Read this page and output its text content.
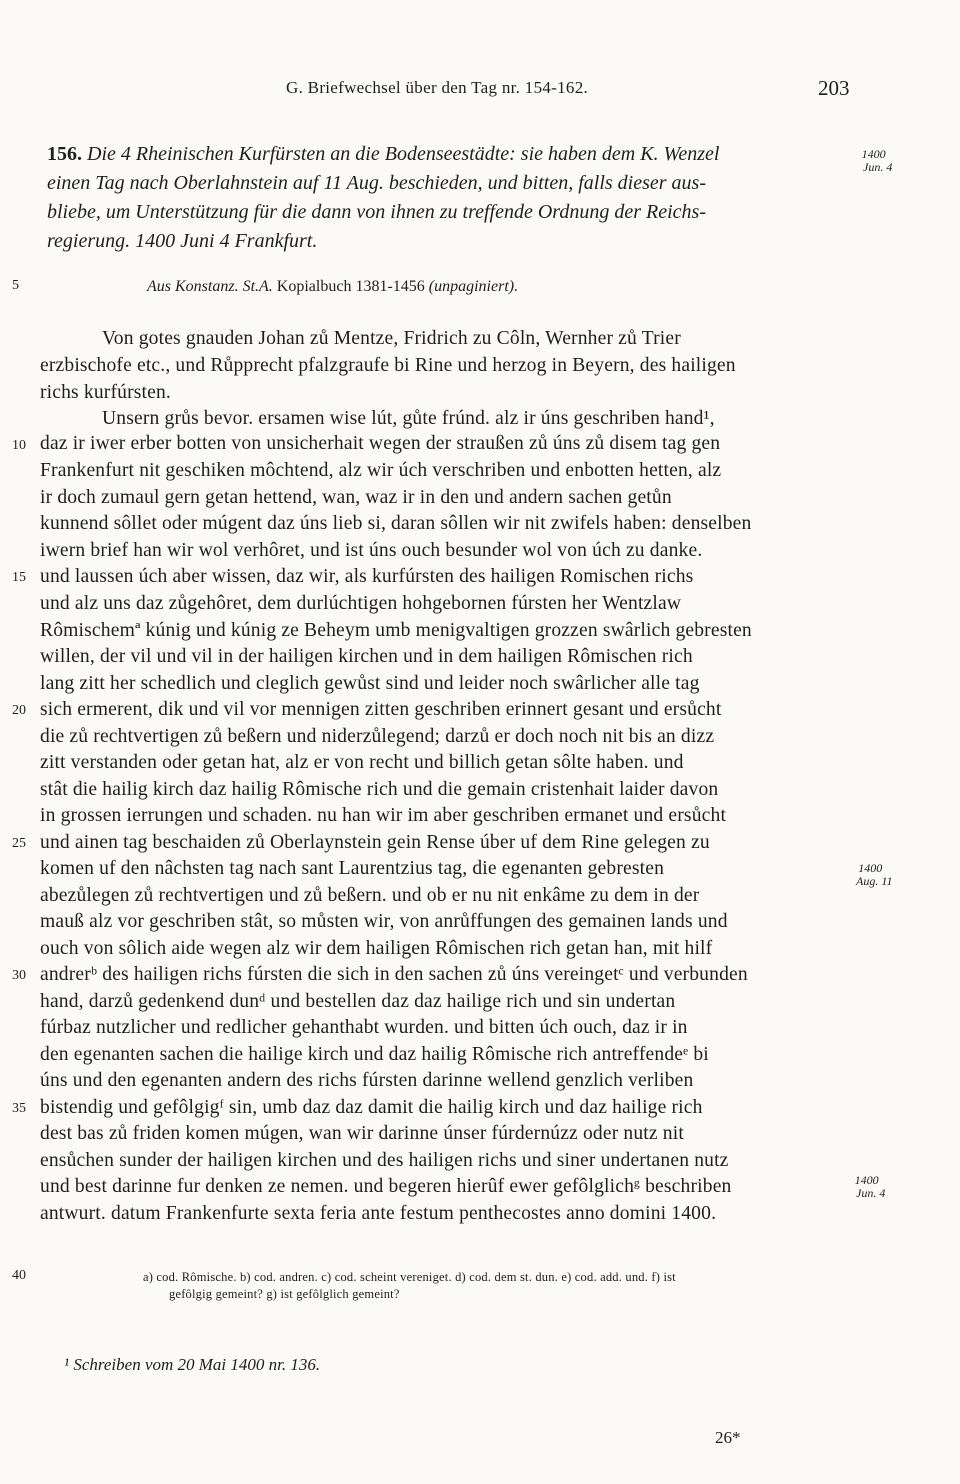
G. Briefwechsel über den Tag nr. 154-162.	203
156. Die 4 Rheinischen Kurfürsten an die Bodenseestädte: sie haben dem K. Wenzel
einen Tag nach Oberlahnstein auf 11 Aug. beschieden, und bitten, falls dieser aus-
bliebe, um Unterstützung für die dann von ihnen zu treffende Ordnung der Reichs-
regierung. 1400 Juni 4 Frankfurt.
5	Aus Konstanz. St.A. Kopialbuch 1381-1456 (unpaginiert).
Von gotes gnauden Johan zů Mentze, Fridrich zu Côln, Wernher zů Trier
erzbischofe etc., und Růpprecht pfalzgraufe bi Rine und herzog in Beyern, des hailigen
richs kurfúrsten.
Unsern grůs bevor. ersamen wise lút, gůte frúnd. alz ir úns geschriben hand¹,
10 daz ir iwer erber botten von unsicherhait wegen der straußen zů úns zů disem tag gen
Frankenfurt nit geschiken môchtend, alz wir úch verschriben und enbotten hetten, alz
ir doch zumaul gern getan hettend, wan, waz ir in den und andern sachen getůn
kunnend sôllet oder múgent daz úns lieb si, daran sôllen wir nit zwifels haben: denselben
iwern brief han wir wol verhôret, und ist úns ouch besunder wol von úch zu danke.
15 und laussen úch aber wissen, daz wir, als kurfúrsten des hailigen Romischen richs
und alz uns daz zůgehôret, dem durlúchtigen hohgebornen fúrsten her Wentzlaw
Rômischemª kúnig und kúnig ze Beheym umb menigvaltigen grozzen swârlich gebresten
willen, der vil und vil in der hailigen kirchen und in dem hailigen Rômischen rich
lang zitt her schedlich und cleglich gewůst sind und leider noch swârlicher alle tag
20 sich ermerent, dik und vil vor mennigen zitten geschriben erinnert gesant und ersůcht
die zů rechtvertigen zů beßern und niderzůlegend; darzů er doch noch nit bis an dizz
zitt verstanden oder getan hat, alz er von recht und billich getan sôlte haben. und
stât die hailig kirch daz hailig Rômische rich und die gemain cristenhait laider davon
in grossen ierrungen und schaden. nu han wir im aber geschriben ermanet und ersůcht
25 und ainen tag beschaiden zů Oberlaynstein gein Rense úber uf dem Rine gelegen zu
komen uf den nâchsten tag nach sant Laurentzius tag, die egenanten gebresten
abezůlegen zů rechtvertigen und zů beßern. und ob er nu nit enkâme zu dem in der
mauß alz vor geschriben stât, so můsten wir, von anrůffungen des gemainen lands und
ouch von sôlich aide wegen alz wir dem hailigen Rômischen rich getan han, mit hilf
30 andrerᵇ des hailigen richs fúrsten die sich in den sachen zů úns vereingetᶜ und verbunden
hand, darzů gedenkend dunᵈ und bestellen daz daz hailige rich und sin undertan
fúrbaz nutzlicher und redlicher gehanthabt wurden. und bitten úch ouch, daz ir in
den egenanten sachen die hailige kirch und daz hailig Rômische rich antreffendeᵉ bi
úns und den egenanten andern des richs fúrsten darinne wellend genzlich verliben
35 bistendig und gefôlgigᶠ sin, umb daz daz damit die hailig kirch und daz hailige rich
dest bas zů friden komen múgen, wan wir darinne únser fúrdernúzz oder nutz nit
ensůchen sunder der hailigen kirchen und des hailigen richs und siner undertanen nutz
und best darinne fur denken ze nemen. und begeren hierûf ewer gefôlglichᵍ beschriben
antwurt. datum Frankenfurte sexta feria ante festum penthecostes anno domini 1400.
1400
Jun. 4
1400
Aug. 11
1400
Jun. 4
40	a) cod. Rômische. b) cod. andren. c) cod. scheint vereniget. d) cod. dem st. dun. e) cod. add. und. f) ist
gefôlgig gemeint? g) ist gefôlglich gemeint?
¹ Schreiben vom 20 Mai 1400 nr. 136.
26*
